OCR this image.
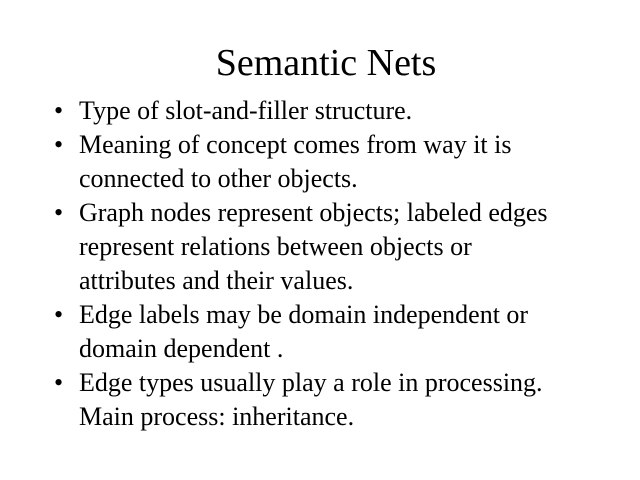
Semantic Nets
• Type of slot-and-filler structure.
• Meaning of concept comes from way it is
connected to other objects.
• Graph nodes represent objects; labeled edges
represent relations between objects or
attributes and their values.
• Edge labels may be domain independent or
domain dependent .
• Edge types usually play a role in processing.
Main process: inheritance.
